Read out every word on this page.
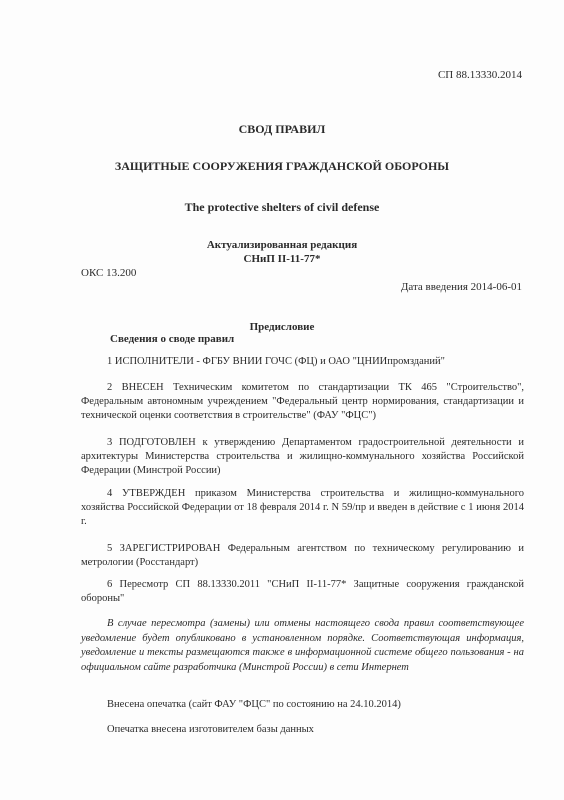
СП 88.13330.2014
СВОД ПРАВИЛ
ЗАЩИТНЫЕ СООРУЖЕНИЯ ГРАЖДАНСКОЙ ОБОРОНЫ
The protective shelters of civil defense
Актуализированная редакция
СНиП II-11-77*
ОКС 13.200
Дата введения 2014-06-01
Предисловие
Сведения о своде правил
1 ИСПОЛНИТЕЛИ - ФГБУ ВНИИ ГОЧС (ФЦ) и ОАО "ЦНИИпромзданий"
2 ВНЕСЕН Техническим комитетом по стандартизации ТК 465 "Строительство", Федеральным автономным учреждением "Федеральный центр нормирования, стандартизации и технической оценки соответствия в строительстве" (ФАУ "ФЦС")
3 ПОДГОТОВЛЕН к утверждению Департаментом градостроительной деятельности и архитектуры Министерства строительства и жилищно-коммунального хозяйства Российской Федерации (Минстрой России)
4 УТВЕРЖДЕН приказом Министерства строительства и жилищно-коммунального хозяйства Российской Федерации от 18 февраля 2014 г. N 59/пр и введен в действие с 1 июня 2014 г.
5 ЗАРЕГИСТРИРОВАН Федеральным агентством по техническому регулированию и метрологии (Росстандарт)
6 Пересмотр СП 88.13330.2011 "СНиП II-11-77* Защитные сооружения гражданской обороны"
В случае пересмотра (замены) или отмены настоящего свода правил соответствующее уведомление будет опубликовано в установленном порядке. Соответствующая информация, уведомление и тексты размещаются также в информационной системе общего пользования - на официальном сайте разработчика (Минстрой России) в сети Интернет
Внесена опечатка (сайт ФАУ "ФЦС" по состоянию на 24.10.2014)
Опечатка внесена изготовителем базы данных
